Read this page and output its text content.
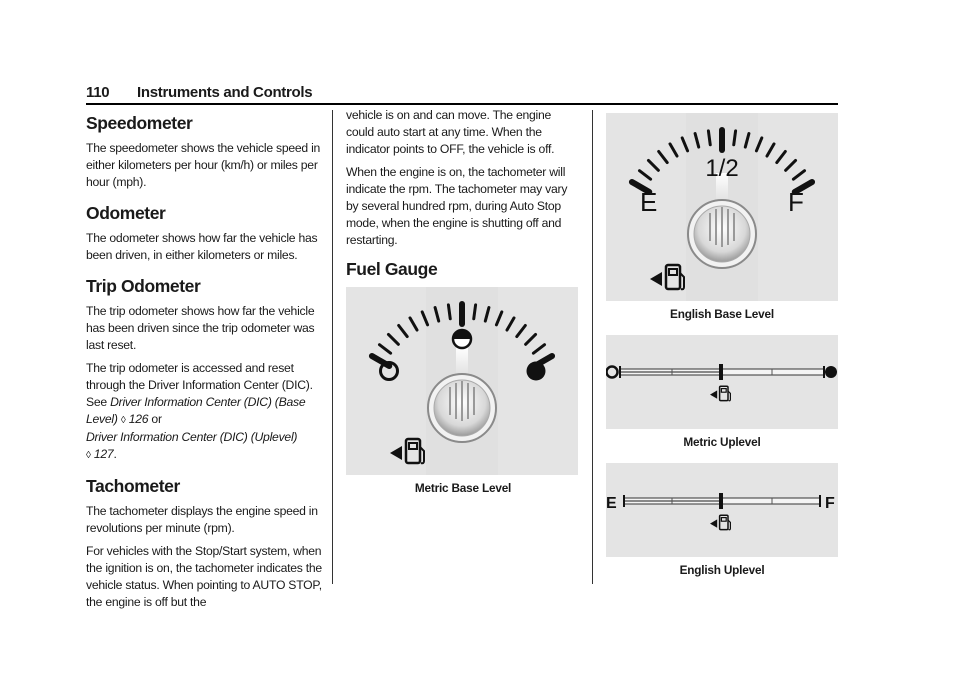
110 Instruments and Controls
Speedometer

The speedometer shows the vehicle speed in either kilometers per hour (km/h) or miles per hour (mph).

Odometer

The odometer shows how far the vehicle has been driven, in either kilometers or miles.

Trip Odometer

The trip odometer shows how far the vehicle has been driven since the trip odometer was last reset.

The trip odometer is accessed and reset through the Driver Information Center (DIC). See Driver Information Center (DIC) (Base Level) ◊ 126 or
Driver Information Center (DIC) (Uplevel)
◊ 127.

Tachometer

The tachometer displays the engine speed in revolutions per minute (rpm).

For vehicles with the Stop/Start system, when the ignition is on, the tachometer indicates the vehicle status. When pointing to AUTO STOP, the engine is off but the

vehicle is on and can move. The engine could auto start at any time. When the indicator points to OFF, the vehicle is off.

When the engine is on, the tachometer will indicate the rpm. The tachometer may vary by several hundred rpm, during Auto Stop mode, when the engine is shutting off and restarting.

Fuel Gauge
Metric Base Level
E
1/2
F
English Base Level
Metric Uplevel
E	F
English Uplevel
